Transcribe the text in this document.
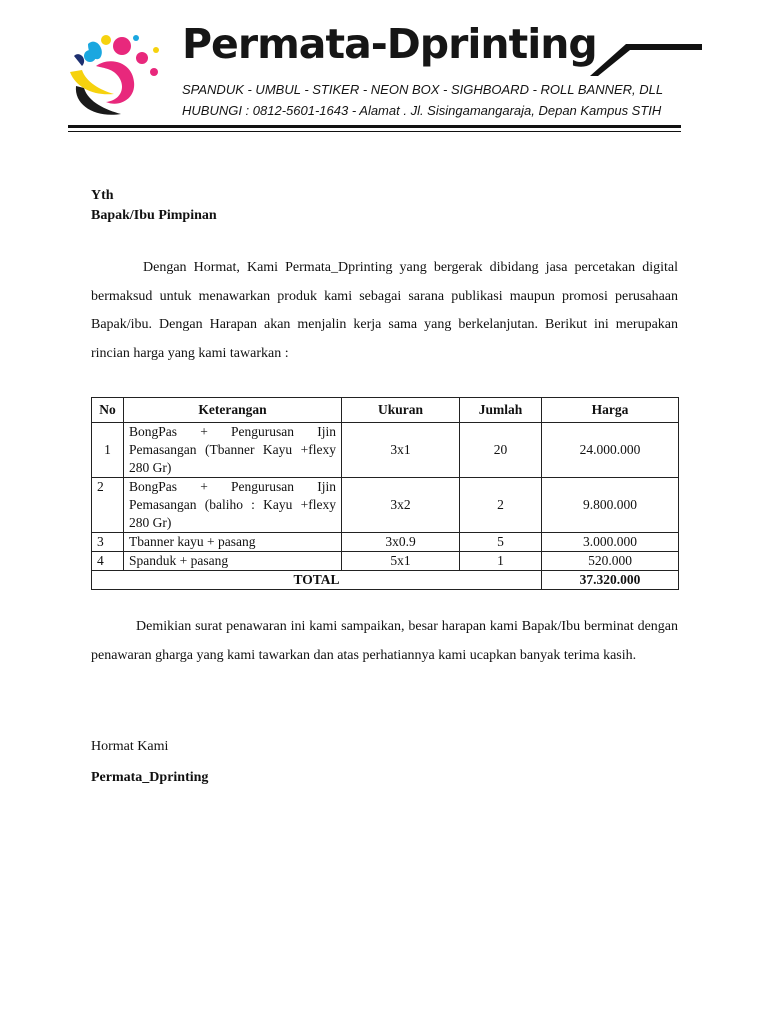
Permata-Dprinting

SPANDUK - UMBUL - STIKER - NEON BOX - SIGHBOARD - ROLL BANNER, DLL

HUBUNGI : 0812-5601-1643 - Alamat . Jl. Sisingamangaraja, Depan Kampus STIH

Yth

Bapak/Ibu Pimpinan

Dengan Hormat, Kami Permata_Dprinting yang bergerak dibidang jasa percetakan digital bermaksud untuk menawarkan produk kami sebagai sarana publikasi maupun promosi perusahaan Bapak/ibu. Dengan Harapan akan menjalin kerja sama yang berkelanjutan. Berikut ini merupakan rincian harga yang kami tawarkan :

No	Keterangan	Ukuran	Jumlah	Harga
1	BongPas + Pengurusan Ijin Pemasangan (Tbanner Kayu +flexy 280 Gr)	3x1	20	24.000.000
2	BongPas + Pengurusan Ijin Pemasangan (baliho : Kayu +flexy 280 Gr)	3x2	2	9.800.000
3	Tbanner kayu + pasang	3x0.9	5	3.000.000
4	Spanduk + pasang	5x1	1	520.000
TOTAL				37.320.000

Demikian surat penawaran ini kami sampaikan, besar harapan kami Bapak/Ibu berminat dengan penawaran gharga yang kami tawarkan dan atas perhatiannya kami ucapkan banyak terima kasih.

Hormat Kami

Permata_Dprinting
